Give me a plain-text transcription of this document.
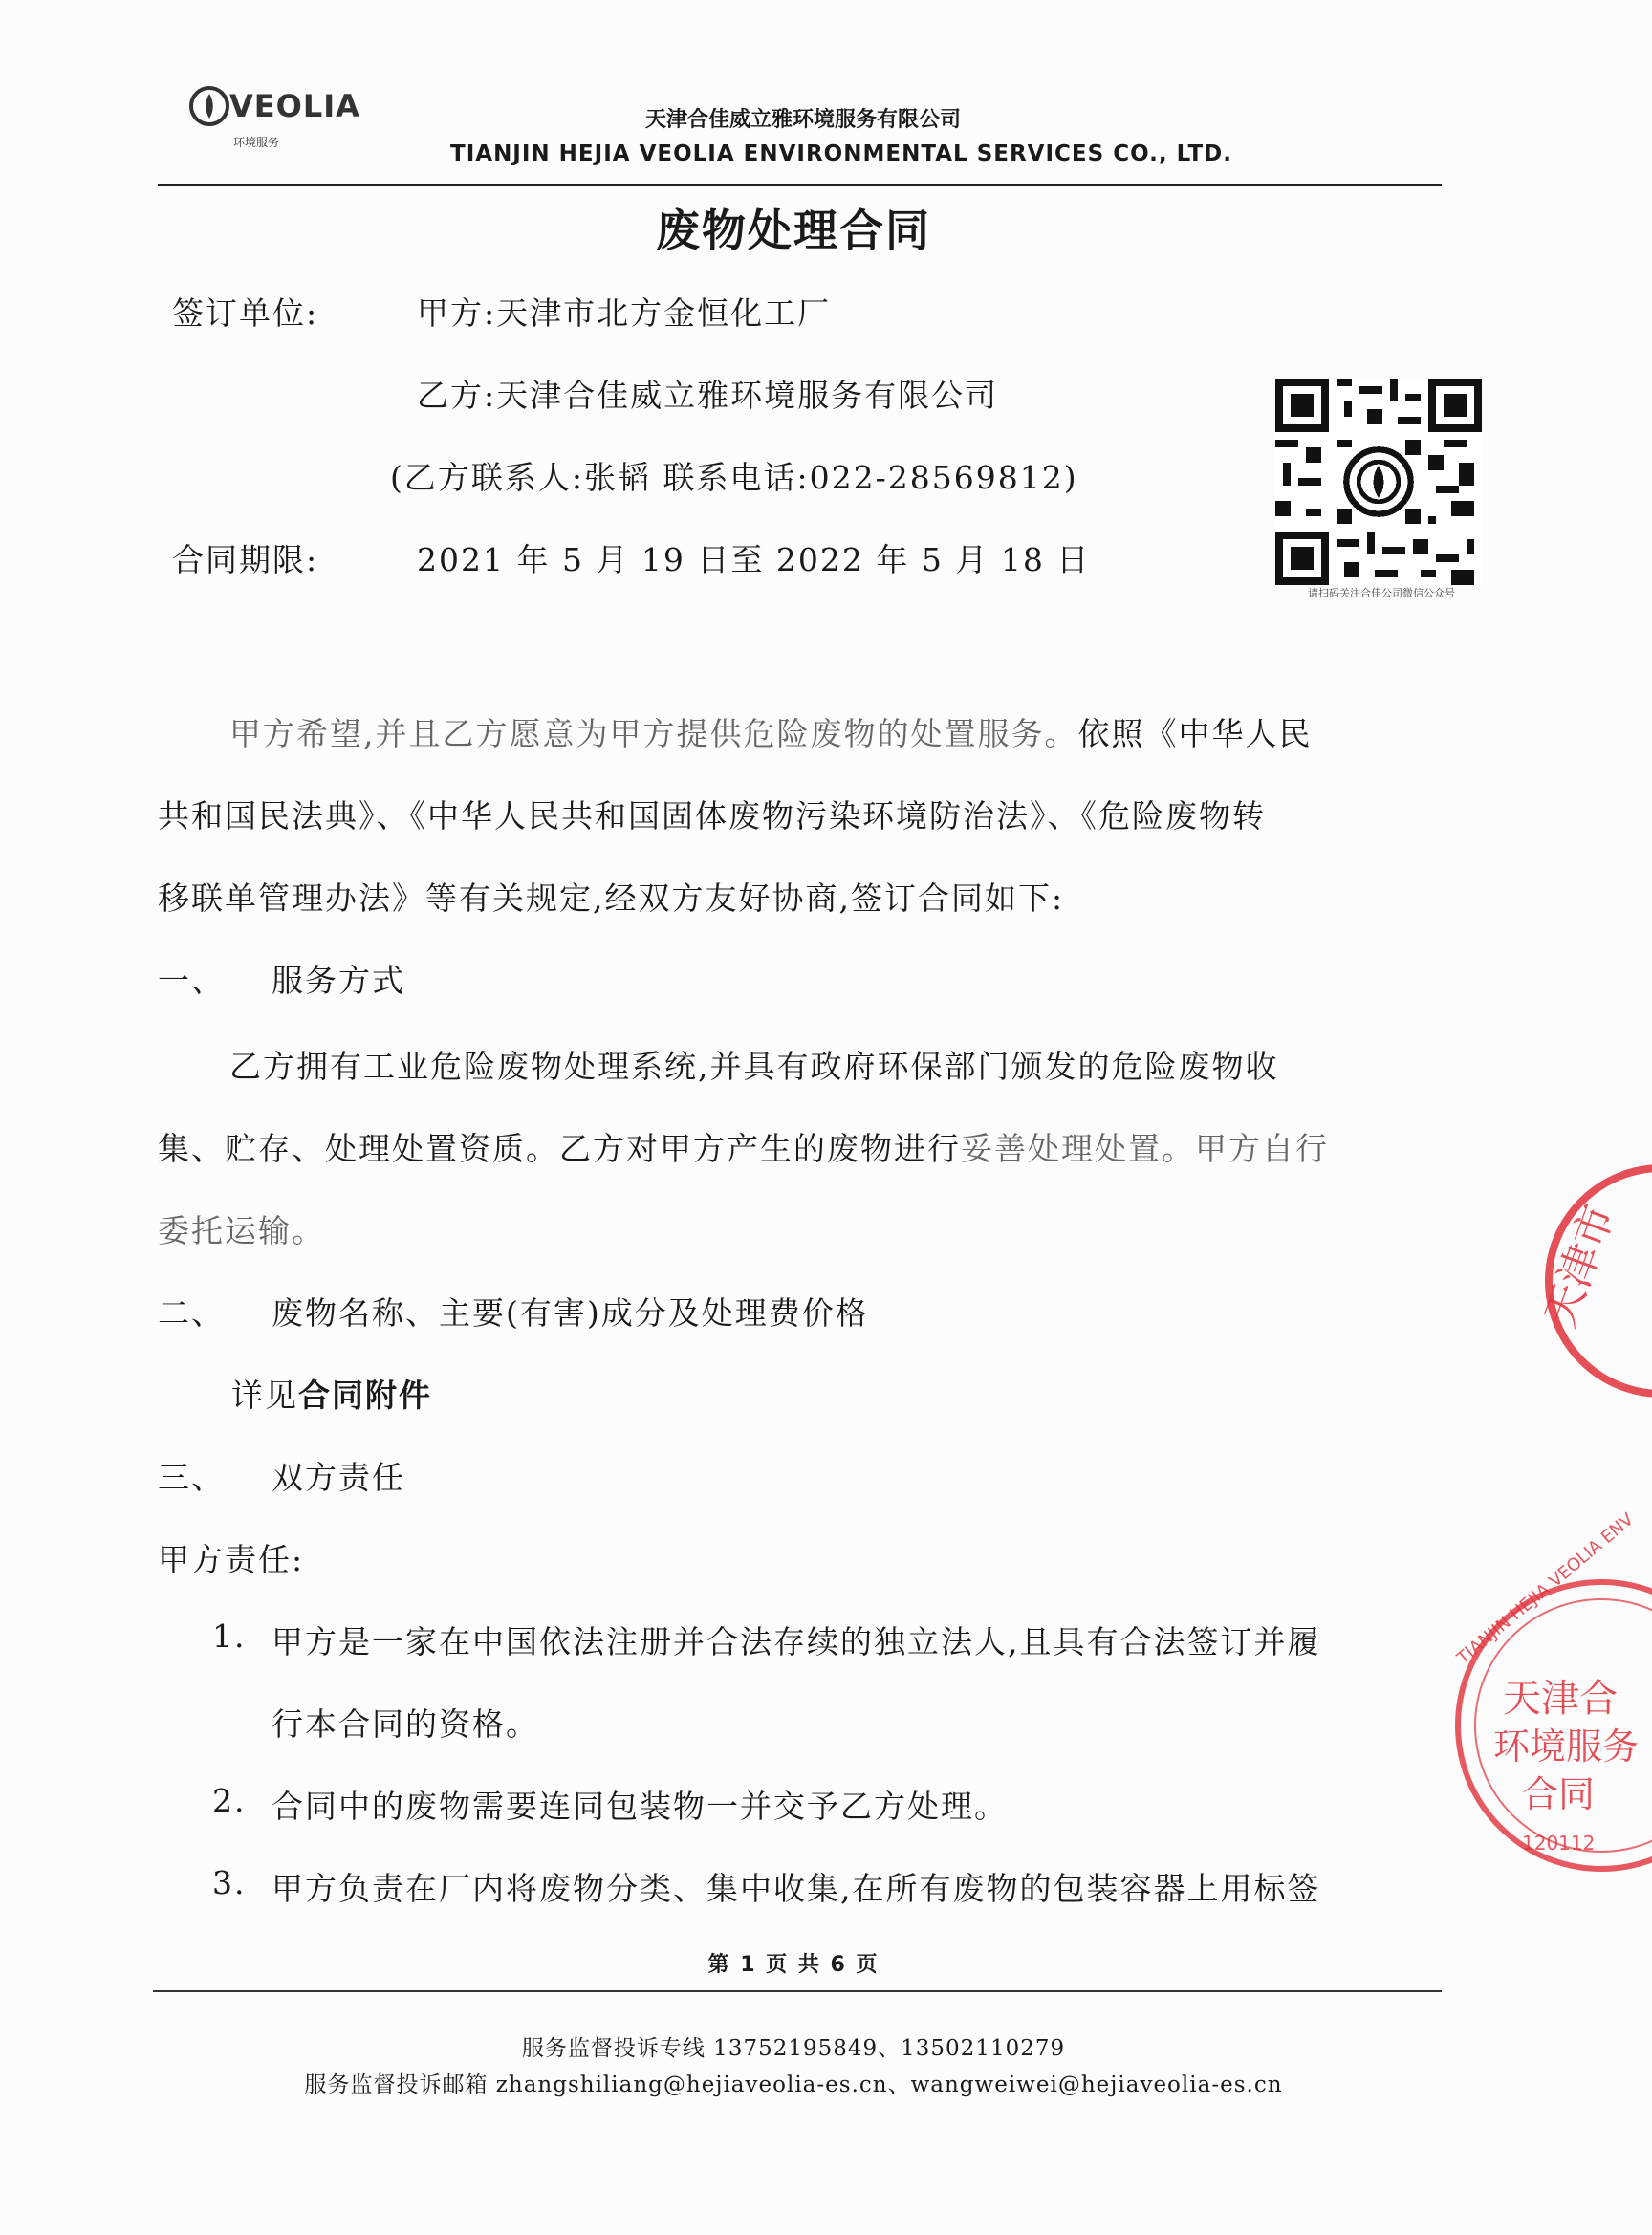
VEOLIA
环境服务
天津合佳威立雅环境服务有限公司
TIANJIN HEJIA VEOLIA ENVIRONMENTAL SERVICES CO., LTD.
废物处理合同
签订单位:	甲方:天津市北方金恒化工厂
乙方:天津合佳威立雅环境服务有限公司
(乙方联系人:张韬 联系电话:022-28569812)
合同期限:	2021 年 5 月 19 日至 2022 年 5 月 18 日
请扫码关注合佳公司微信公众号
甲方希望,并且乙方愿意为甲方提供危险废物的处置服务。依照《中华人民
共和国民法典》、《中华人民共和国固体废物污染环境防治法》、《危险废物转
移联单管理办法》等有关规定,经双方友好协商,签订合同如下:
一、 服务方式
乙方拥有工业危险废物处理系统,并具有政府环保部门颁发的危险废物收
集、贮存、处理处置资质。乙方对甲方产生的废物进行妥善处理处置。甲方自行
委托运输。
二、 废物名称、主要(有害)成分及处理费价格
详见合同附件
三、 双方责任
甲方责任:
1. 甲方是一家在中国依法注册并合法存续的独立法人,且具有合法签订并履
行本合同的资格。
2. 合同中的废物需要连同包装物一并交予乙方处理。
3. 甲方负责在厂内将废物分类、集中收集,在所有废物的包装容器上用标签
天津市
TIANJIN HEJIA VEOLIA ENV
天津合
环境服务
合同
120112
第 1 页 共 6 页
服务监督投诉专线 13752195849、13502110279
服务监督投诉邮箱 zhangshiliang@hejiaveolia-es.cn、wangweiwei@hejiaveolia-es.cn
